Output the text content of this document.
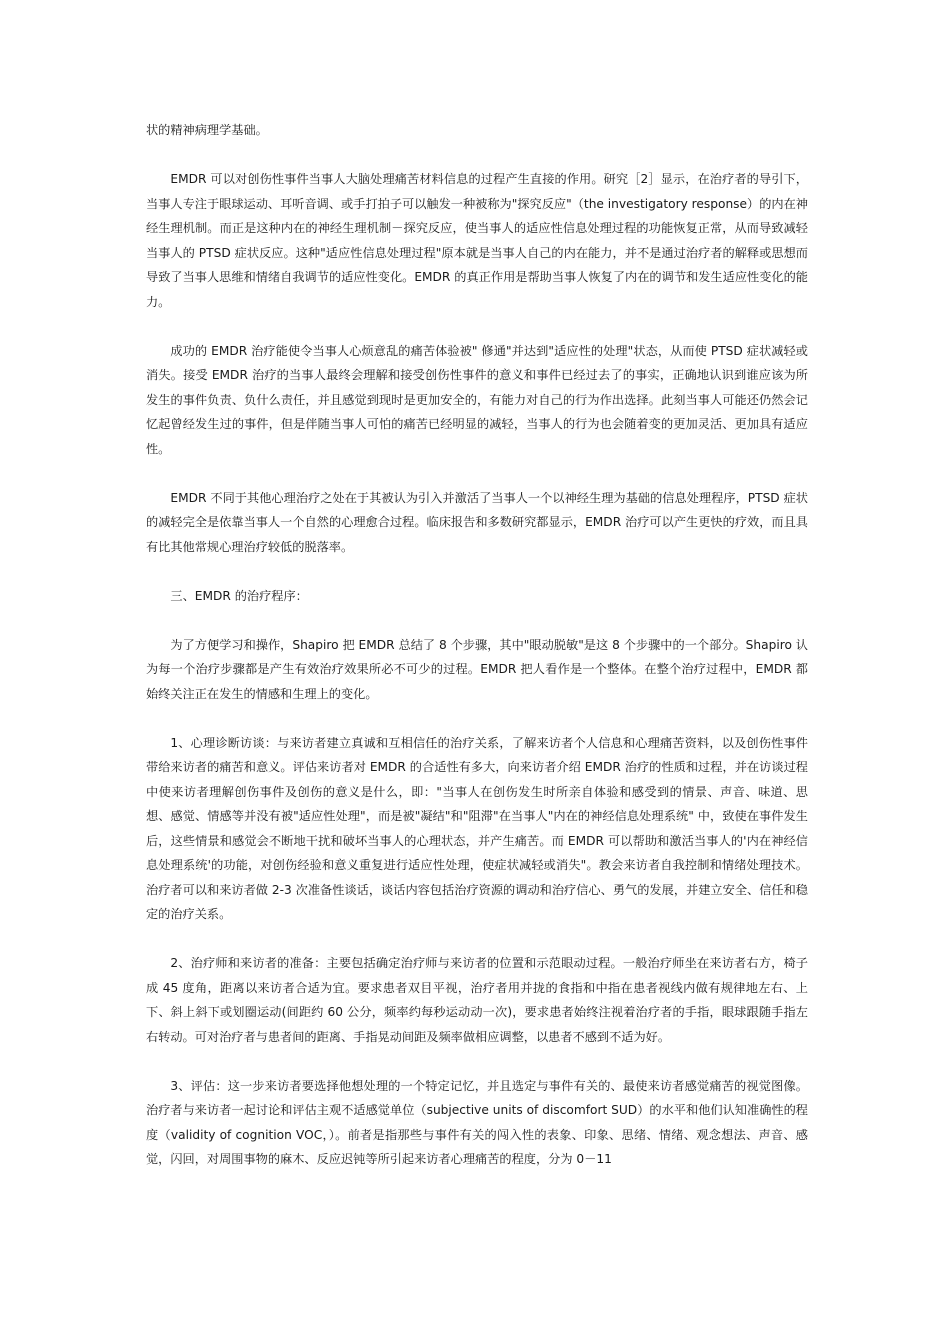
状的精神病理学基础。

EMDR 可以对创伤性事件当事人大脑处理痛苦材料信息的过程产生直接的作用。研究［2］显示，在治疗者的导引下，当事人专注于眼球运动、耳听音调、或手打拍子可以触发一种被称为"探究反应"（the investigatory response）的内在神经生理机制。而正是这种内在的神经生理机制－探究反应，使当事人的适应性信息处理过程的功能恢复正常，从而导致减轻当事人的 PTSD 症状反应。这种"适应性信息处理过程"原本就是当事人自己的内在能力，并不是通过治疗者的解释或思想而导致了当事人思维和情绪自我调节的适应性变化。EMDR 的真正作用是帮助当事人恢复了内在的调节和发生适应性变化的能力。

成功的 EMDR 治疗能使令当事人心烦意乱的痛苦体验被" 修通"并达到"适应性的处理"状态，从而使 PTSD 症状减轻或消失。接受 EMDR 治疗的当事人最终会理解和接受创伤性事件的意义和事件已经过去了的事实，正确地认识到谁应该为所发生的事件负责、负什么责任，并且感觉到现时是更加安全的，有能力对自己的行为作出选择。此刻当事人可能还仍然会记忆起曾经发生过的事件，但是伴随当事人可怕的痛苦已经明显的减轻，当事人的行为也会随着变的更加灵活、更加具有适应性。

EMDR 不同于其他心理治疗之处在于其被认为引入并激活了当事人一个以神经生理为基础的信息处理程序，PTSD 症状的减轻完全是依靠当事人一个自然的心理愈合过程。临床报告和多数研究都显示，EMDR 治疗可以产生更快的疗效，而且具有比其他常规心理治疗较低的脱落率。

三、EMDR 的治疗程序：

为了方便学习和操作，Shapiro 把 EMDR 总结了 8 个步骤，其中"眼动脱敏"是这 8 个步骤中的一个部分。Shapiro 认为每一个治疗步骤都是产生有效治疗效果所必不可少的过程。EMDR 把人看作是一个整体。在整个治疗过程中，EMDR 都始终关注正在发生的情感和生理上的变化。

1、心理诊断访谈：与来访者建立真诚和互相信任的治疗关系，了解来访者个人信息和心理痛苦资料，以及创伤性事件带给来访者的痛苦和意义。评估来访者对 EMDR 的合适性有多大，向来访者介绍 EMDR 治疗的性质和过程，并在访谈过程中使来访者理解创伤事件及创伤的意义是什么，即："当事人在创伤发生时所亲自体验和感受到的情景、声音、味道、思想、感觉、情感等并没有被"适应性处理"，而是被"凝结"和"阻滞"在当事人"内在的神经信息处理系统" 中，致使在事件发生后，这些情景和感觉会不断地干扰和破坏当事人的心理状态，并产生痛苦。而 EMDR 可以帮助和激活当事人的'内在神经信息处理系统'的功能，对创伤经验和意义重复进行适应性处理，使症状减轻或消失"。教会来访者自我控制和情绪处理技术。治疗者可以和来访者做 2-3 次准备性谈话，谈话内容包括治疗资源的调动和治疗信心、勇气的发展，并建立安全、信任和稳定的治疗关系。

2、治疗师和来访者的准备：主要包括确定治疗师与来访者的位置和示范眼动过程。一般治疗师坐在来访者右方，椅子成 45 度角，距离以来访者合适为宜。要求患者双目平视，治疗者用并拢的食指和中指在患者视线内做有规律地左右、上下、斜上斜下或划圈运动(间距约 60 公分，频率约每秒运动动一次)，要求患者始终注视着治疗者的手指，眼球跟随手指左右转动。可对治疗者与患者间的距离、手指晃动间距及频率做相应调整，以患者不感到不适为好。

3、评估：这一步来访者要选择他想处理的一个特定记忆，并且选定与事件有关的、最使来访者感觉痛苦的视觉图像。治疗者与来访者一起讨论和评估主观不适感觉单位（subjective units of discomfort SUD）的水平和他们认知准确性的程度（validity of cognition VOC，）。前者是指那些与事件有关的闯入性的表象、印象、思绪、情绪、观念想法、声音、感觉，闪回，对周围事物的麻木、反应迟钝等所引起来访者心理痛苦的程度，分为 0－11
